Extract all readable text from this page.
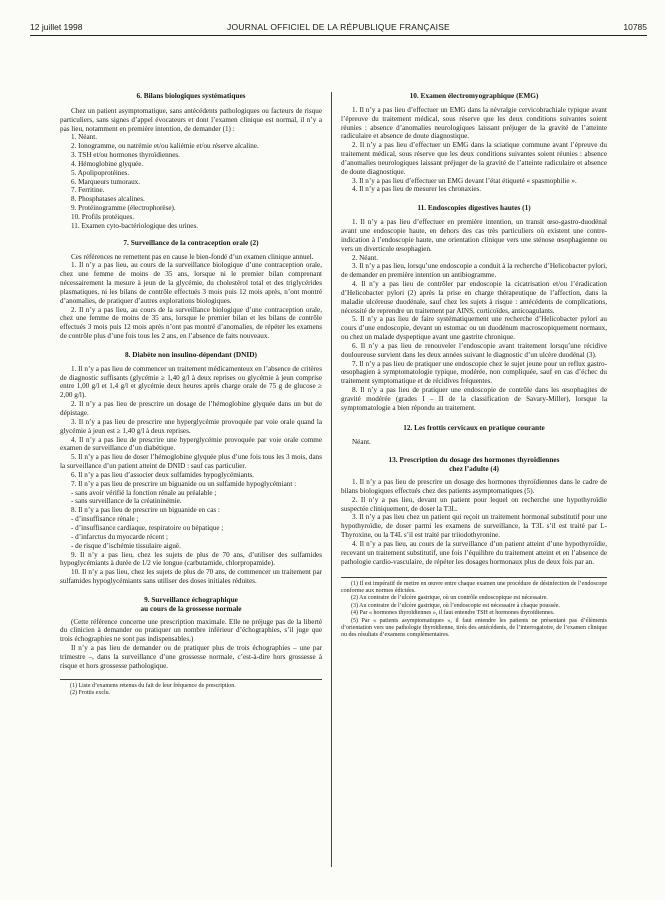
12 juillet 1998	JOURNAL OFFICIEL DE LA RÉPUBLIQUE FRANÇAISE	10785

6. Bilans biologiques systématiques

Chez un patient asymptomatique, sans antécédents pathologiques ou facteurs de risque particuliers, sans signes d’appel évocateurs et dont l’examen clinique est normal, il n’y a pas lieu, notamment en première intention, de demander (1) :

1. Néant.
2. Ionogramme, ou natrémie et/ou kaliémie et/ou réserve alcaline.
3. TSH et/ou hormones thyroïdiennes.
4. Hémoglobine glyquée.
5. Apolipoprotéines.
6. Marqueurs tumoraux.
7. Ferritine.
8. Phosphatases alcalines.
9. Protéinogramme (électrophorèse).
10. Profils protéiques.
11. Examen cyto-bactériologique des urines.

7. Surveillance de la contraception orale (2)

Ces références ne remettent pas en cause le bien-fondé d’un examen clinique annuel.

1. Il n’y a pas lieu, au cours de la surveillance biologique d’une contraception orale, chez une femme de moins de 35 ans, lorsque ni le premier bilan comprenant nécessairement la mesure à jeun de la glycémie, du cholestérol total et des triglycérides plasmatiques, ni les bilans de contrôle effectués 3 mois puis 12 mois après, n’ont montré d’anomalies, de pratiquer d’autres explorations biologiques.

2. Il n’y a pas lieu, au cours de la surveillance biologique d’une contraception orale, chez une femme de moins de 35 ans, lorsque le premier bilan et les bilans de contrôle effectués 3 mois puis 12 mois après n’ont pas montré d’anomalies, de répéter les examens de contrôle plus d’une fois tous les 2 ans, en l’absence de faits nouveaux.

8. Diabète non insulino-dépendant (DNID)

1. Il n’y a pas lieu de commencer un traitement médicamenteux en l’absence de critères de diagnostic suffisants (glycémie ≥ 1,40 g/l à deux reprises ou glycémie à jeun comprise entre 1,00 g/l et 1,4 g/l et glycémie deux heures après charge orale de 75 g de glucose ≥ 2,00 g/l).

2. Il n’y a pas lieu de prescrire un dosage de l’hémoglobine glyquée dans un but de dépistage.

3. Il n’y a pas lieu de prescrire une hyperglycémie provoquée par voie orale quand la glycémie à jeun est ≥ 1,40 g/l à deux reprises.

4. Il n’y a pas lieu de prescrire une hyperglycémie provoquée par voie orale comme examen de surveillance d’un diabétique.

5. Il n’y a pas lieu de doser l’hémoglobine glyquée plus d’une fois tous les 3 mois, dans la surveillance d’un patient atteint de DNID : sauf cas particulier.

6. Il n’y a pas lieu d’associer deux sulfamides hypoglycémiants.

7. Il n’y a pas lieu de prescrire un biguanide ou un sulfamide hypoglycémiant :

- sans avoir vérifié la fonction rénale au préalable ;

- sans surveillance de la créatininémie.

8. Il n’y a pas lieu de prescrire un biguanide en cas :

- d’insuffisance rénale ;

- d’insuffisance cardiaque, respiratoire ou hépatique ;

- d’infarctus du myocarde récent ;

- de risque d’ischémie tissulaire aiguë.

9. Il n’y a pas lieu, chez les sujets de plus de 70 ans, d’utiliser des sulfamides hypoglycémiants à durée de 1/2 vie longue (carbutamide, chlorpropamide).

10. Il n’y a pas lieu, chez les sujets de plus de 70 ans, de commencer un traitement par sulfamides hypoglycémiants sans utiliser des doses initiales réduites.

9. Surveillance échographique

au cours de la grossesse normale

(Cette référence concerne une prescription maximale. Elle ne préjuge pas de la liberté du clinicien à demander ou pratiquer un nombre inférieur d’échographies, s’il juge que trois échographies ne sont pas indispensables.)

Il n’y a pas lieu de demander ou de pratiquer plus de trois échographies – une par trimestre –, dans la surveillance d’une grossesse normale, c’est-à-dire hors grossesse à risque et hors grossesse pathologique.

(1) Liste d’examens retenus du fait de leur fréquence de prescription.

(2) Frottis exclu.

10. Examen électromyographique (EMG)

1. Il n’y a pas lieu d’effectuer un EMG dans la névralgie cervicobrachiale typique avant l’épreuve du traitement médical, sous réserve que les deux conditions suivantes soient réunies : absence d’anomalies neurologiques laissant préjuger de la gravité de l’atteinte radiculaire et absence de doute diagnostique.

2. Il n’y a pas lieu d’effectuer un EMG dans la sciatique commune avant l’épreuve du traitement médical, sous réserve que les deux conditions suivantes soient réunies : absence d’anomalies neurologiques laissant préjuger de la gravité de l’atteinte radiculaire et absence de doute diagnostique.

3. Il n’y a pas lieu d’effectuer un EMG devant l’état étiqueté « spasmophilie ».

4. Il n’y a pas lieu de mesurer les chronaxies.

11. Endoscopies digestives hautes (1)

1. Il n’y a pas lieu d’effectuer en première intention, un transit œso-gastro-duodénal avant une endoscopie haute, en dehors des cas très particuliers où existent une contre-indication à l’endoscopie haute, une orientation clinique vers une sténose œsophagienne ou vers un diverticule œsophagien.

2. Néant.

3. Il n’y a pas lieu, lorsqu’une endoscopie a conduit à la recherche d’Helicobacter pylori, de demander en première intention un antibiogramme.

4. Il n’y a pas lieu de contrôler par endoscopie la cicatrisation et/ou l’éradication d’Helicobacter pylori (2) après la prise en charge thérapeutique de l’affection, dans la maladie ulcéreuse duodénale, sauf chez les sujets à risque : antécédents de complications, nécessité de reprendre un traitement par AINS, corticoïdes, anticoagulants.

5. Il n’y a pas lieu de faire systématiquement une recherche d’Helicobacter pylori au cours d’une endoscopie, devant un estomac ou un duodénum macroscopiquement normaux, ou chez un malade dyspeptique avant une gastrite chronique.

6. Il n’y a pas lieu de renouveler l’endoscopie avant traitement lorsqu’une récidive douloureuse survient dans les deux années suivant le diagnostic d’un ulcère duodénal (3).

7. Il n’y a pas lieu de pratiquer une endoscopie chez le sujet jeune pour un reflux gastro-œsophagien à symptomatologie typique, modérée, non compliquée, sauf en cas d’échec du traitement symptomatique et de récidives fréquentes.

8. Il n’y a pas lieu de pratiquer une endoscopie de contrôle dans les œsophagites de gravité modérée (grades I – II de la classification de Savary-Miller), lorsque la symptomatologie a bien répondu au traitement.

12. Les frottis cervicaux en pratique courante

Néant.

13. Prescription du dosage des hormones thyroïdiennes

chez l’adulte (4)

1. Il n’y a pas lieu de prescrire un dosage des hormones thyroïdiennes dans le cadre de bilans biologiques effectués chez des patients asymptomatiques (5).

2. Il n’y a pas lieu, devant un patient pour lequel on recherche une hypothyroïdie suspectée cliniquement, de doser la T3L.

3. Il n’y a pas lieu chez un patient qui reçoit un traitement hormonal substitutif pour une hypothyroïdie, de doser parmi les examens de surveillance, la T3L s’il est traité par L-Thyroxine, ou la T4L s’il est traité par triiodothyronine.

4. Il n’y a pas lieu, au cours de la surveillance d’un patient atteint d’une hypothyroïdie, recevant un traitement substitutif, une fois l’équilibre du traitement atteint et en l’absence de pathologie cardio-vasculaire, de répéter les dosages hormonaux plus de deux fois par an.

(1) Il est impératif de mettre en œuvre entre chaque examen une procédure de désinfection de l’endoscope conforme aux normes édictées.

(2) Au contraire de l’ulcère gastrique, où un contrôle endoscopique est nécessaire.

(3) Au contraire de l’ulcère gastrique, où l’endoscopie est nécessaire à chaque poussée.

(4) Par « hormones thyroïdiennes », il faut entendre TSH et hormones thyroïdiennes.

(5) Par « patients asymptomatiques », il faut entendre les patients ne présentant pas d’éléments d’orientation vers une pathologie thyroïdienne, tirés des antécédents, de l’interrogatoire, de l’examen clinique ou des résultats d’examens complémentaires.
